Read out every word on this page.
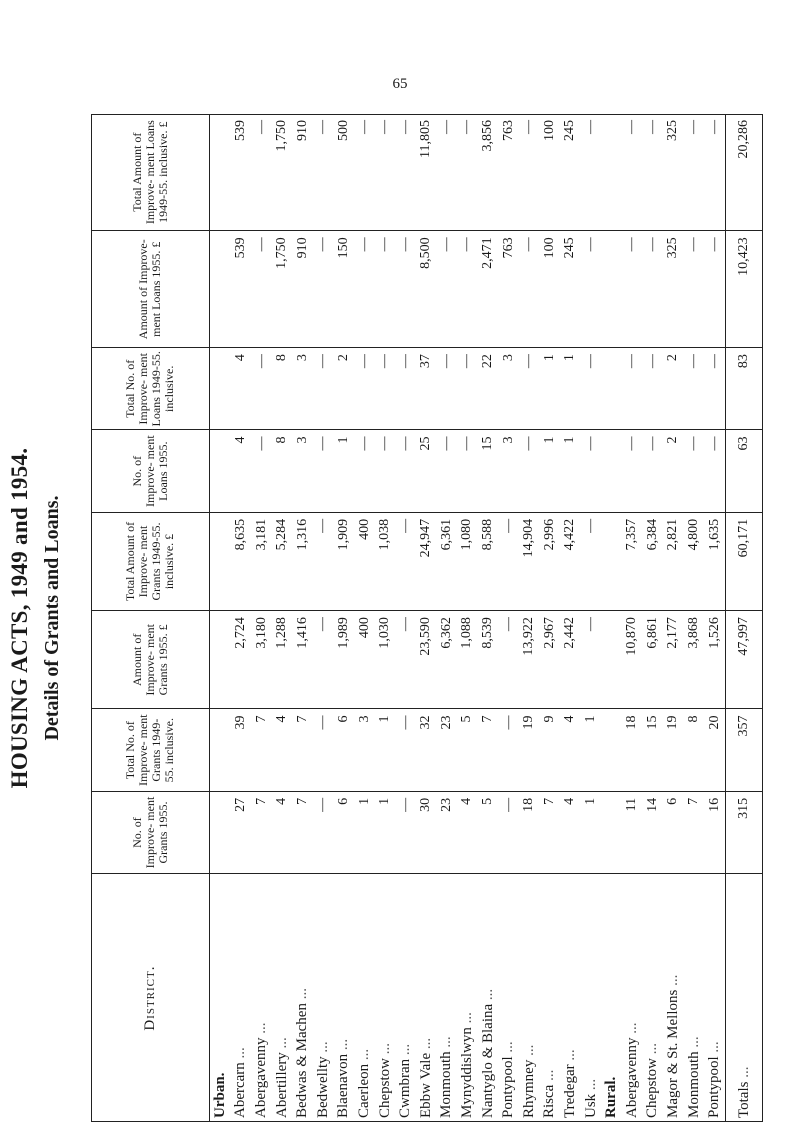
65
HOUSING ACTS, 1949 and 1954. Details of Grants and Loans.
District.	No. of Improve- ment Grants 1955.	Total No. of Improve- ment Grants 1949-55. inclusive.	Amount of Improve- ment Grants 1955. £	Total Amount of Improve- ment Grants 1949-55. inclusive. £	No. of Improve- ment Loans 1955.	Total No. of Improve- ment Loans 1949-55. inclusive.	Amount of Improve- ment Loans 1955. £	Total Amount of Improve- ment Loans 1949-55. inclusive. £
Urban.								
Abercarn ...	27	39	2,724	8,635	4	4	539	539
Abergavenny ...	7	7	3,180	3,181	—	—	—	—
Abertillery ...	4	4	1,288	5,284	8	8	1,750	1,750
Bedwas & Machen ...	7	7	1,416	1,316	3	3	910	910
Bedwellty ...	—	—	—	—	—	—	—	—
Blaenavon ...	6	6	1,989	1,909	1	2	150	500
Caerleon ...	1	3	400	400	—	—	—	—
Chepstow ...	1	1	1,030	1,038	—	—	—	—
Cwmbran ...	—	—	—	—	—	—	—	—
Ebbw Vale ...	30	32	23,590	24,947	25	37	8,500	11,805
Monmouth ...	23	23	6,362	6,361	—	—	—	—
Mynyddislwyn ...	4	5	1,088	1,080	—	—	—	—
Nantyglo & Blaina ...	5	7	8,539	8,588	15	22	2,471	3,856
Pontypool ...	—	—	—	—	3	3	763	763
Rhymney ...	18	19	13,922	14,904	—	—	—	—
Risca ...	7	9	2,967	2,996	1	1	100	100
Tredegar ...	4	4	2,442	4,422	1	1	245	245
Usk ...	1	1	—	—	—	—	—	—
Rural.								
Abergavenny ...	11	18	10,870	7,357	—	—	—	—
Chepstow ...	14	15	6,861	6,384	—	—	—	—
Magor & St. Mellons ...	6	19	2,177	2,821	2	2	325	325
Monmouth ...	7	8	3,868	4,800	—	—	—	—
Pontypool ...	16	20	1,526	1,635	—	—	—	—
Totals ...	315	357	47,997	60,171	63	83	10,423	20,286
